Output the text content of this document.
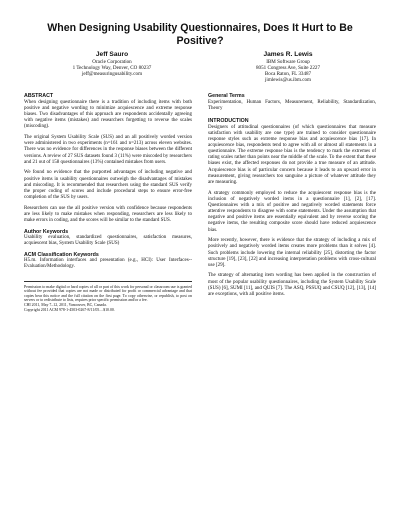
When Designing Usability Questionnaires, Does It Hurt to Be Positive?
Jeff Sauro
Oracle Corporation
1 Technology Way, Denver, CO 80237
jeff@measuringusability.com
James R. Lewis
IBM Software Group
8051 Congress Ave, Suite 2227
Boca Raton, FL 33487
jimlewis@us.ibm.com
ABSTRACT

When designing questionnaire there is a tradition of including items with both positive and negative wording to minimize acquiescence and extreme response biases. Two disadvantages of this approach are respondents accidentally agreeing with negative items (mistakes) and researchers forgetting to reverse the scales (miscoding).

The original System Usability Scale (SUS) and an all positively worded version were administered in two experiments (n=161 and n=213) across eleven websites. There was no evidence for differences in the response biases between the different versions. A review of 27 SUS datasets found 3 (11%) were miscoded by researchers and 21 out of 158 questionnaires (13%) contained mistakes from users.

We found no evidence that the purported advantages of including negative and positive items in usability questionnaires outweigh the disadvantages of mistakes and miscoding. It is recommended that researchers using the standard SUS verify the proper coding of scores and include procedural steps to ensure error-free completion of the SUS by users.

Researchers can use the all positive version with confidence because respondents are less likely to make mistakes when responding, researchers are less likely to make errors in coding, and the scores will be similar to the standard SUS.

Author Keywords

Usability evaluation, standardized questionnaires, satisfaction measures, acquiescent bias, System Usability Scale (SUS)

ACM Classification Keywords

H5.m. Information interfaces and presentation (e.g., HCI): User Interfaces--Evaluation/Methodology.

Permission to make digital or hard copies of all or part of this work for personal or classroom use is granted without fee provided that copies are not made or distributed for profit or commercial advantage and that copies bear this notice and the full citation on the first page. To copy otherwise, or republish, to post on servers or to redistribute to lists, requires prior specific permission and/or a fee.
CHI 2011, May 7–12, 2011, Vancouver, BC, Canada.
Copyright 2011 ACM 978-1-4503-0267-8/11/05....$10.00.
General Terms

Experimentation, Human Factors, Measurement, Reliability, Standardization, Theory

INTRODUCTION

Designers of attitudinal questionnaires (of which questionnaires that measure satisfaction with usability are one type) are trained to consider questionnaire response styles such as extreme response bias and acquiescence bias [17]. In acquiescence bias, respondents tend to agree with all or almost all statements in a questionnaire. The extreme response bias is the tendency to mark the extremes of rating scales rather than points near the middle of the scale. To the extent that these biases exist, the affected responses do not provide a true measure of an attitude. Acquiescence bias is of particular concern because it leads to an upward error in measurement, giving researchers too sanguine a picture of whatever attitude they are measuring.

A strategy commonly employed to reduce the acquiescent response bias is the inclusion of negatively worded items in a questionnaire [1], [2], [17]. Questionnaires with a mix of positive and negatively worded statements force attentive respondents to disagree with some statements. Under the assumption that negative and positive items are essentially equivalent and by reverse scoring the negative items, the resulting composite score should have reduced acquiescence bias.

More recently, however, there is evidence that the strategy of including a mix of positively and negatively worded items creates more problems than it solves [4]. Such problems include lowering the internal reliability [25], distorting the factor structure [19], [23], [22] and increasing interpretation problems with cross-cultural use [29].

The strategy of alternating item wording has been applied in the construction of most of the popular usability questionnaires, including the System Usability Scale (SUS) [6], SUMI [11], and QUIS [7]. The ASQ, PSSUQ and CSUQ [12], [13], [14] are exceptions, with all positive items.
